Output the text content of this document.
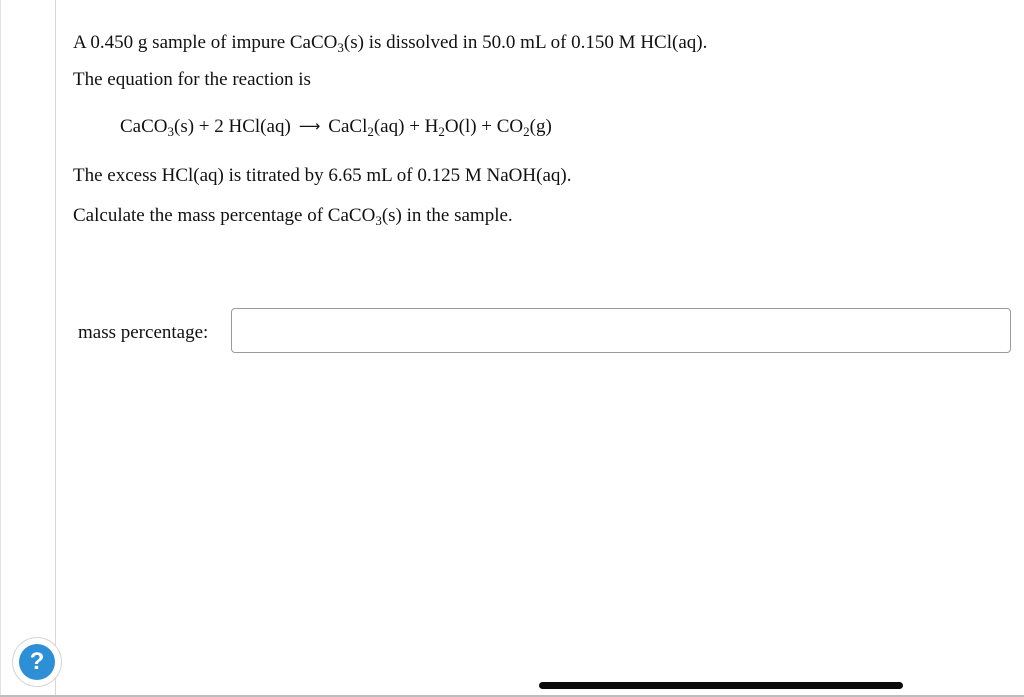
A 0.450 g sample of impure CaCO$_3$(s) is dissolved in 50.0 mL of 0.150 M HCl(aq).
The equation for the reaction is
CaCO$_3$(s) + 2 HCl(aq) ⟶ CaCl$_2$(aq) + $H_2O(l) + CO_2(g)$
The excess HCl(aq) is titrated by 6.65 mL of 0.125 M NaOH(aq).
Calculate the mass percentage of CaCO$_3$(s) in the sample.
mass percentage:
?
